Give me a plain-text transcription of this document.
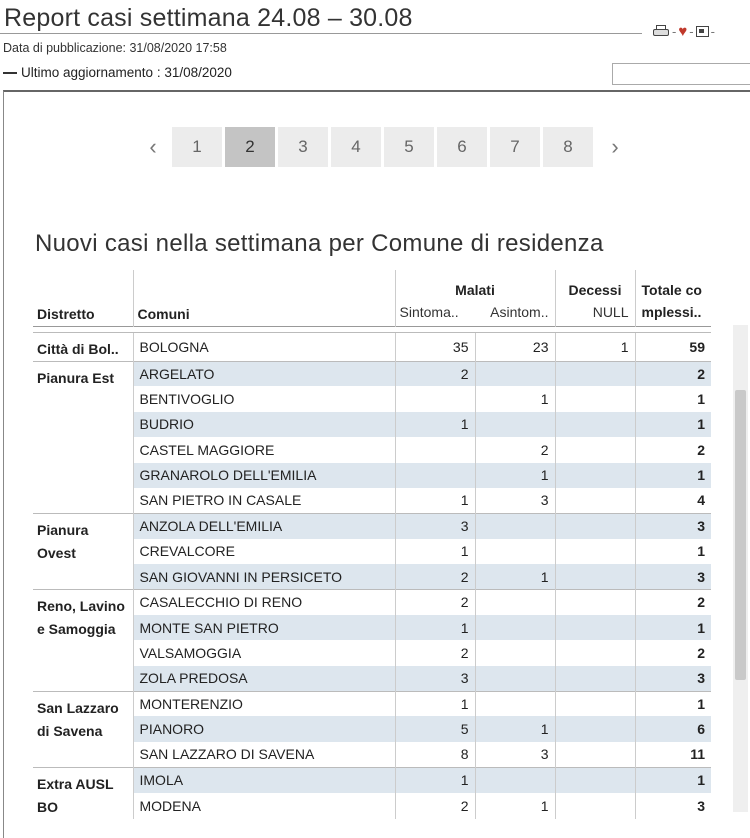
Report casi settimana 24.08 – 30.08
Data di pubblicazione: 31/08/2020 17:58
Ultimo aggiornamento : 31/08/2020
- ♥ - -
‹	1	2	3	4	5	6	7	8	›
Nuovi casi nella settimana per Comune di residenza
Distretto	Comuni	Malati		Decessi	Totale co
		Sintoma..	Asintom..	NULL	mplessi..

Città di Bol..	BOLOGNA	35	23	1	59
Pianura Est	ARGELATO	2			2
	BENTIVOGLIO		1		1
	BUDRIO	1			1
	CASTEL MAGGIORE		2		2
	GRANAROLO DELL'EMILIA		1		1
	SAN PIETRO IN CASALE	1	3		4
Pianura Ovest	ANZOLA DELL'EMILIA	3			3
	CREVALCORE	1			1
	SAN GIOVANNI IN PERSICETO	2	1		3
Reno, Lavino e Samoggia	CASALECCHIO DI RENO	2			2
	MONTE SAN PIETRO	1			1
	VALSAMOGGIA	2			2
	ZOLA PREDOSA	3			3
San Lazzaro di Savena	MONTERENZIO	1			1
	PIANORO	5	1		6
	SAN LAZZARO DI SAVENA	8	3		11
Extra AUSL BO	IMOLA	1			1
	MODENA	2	1		3
